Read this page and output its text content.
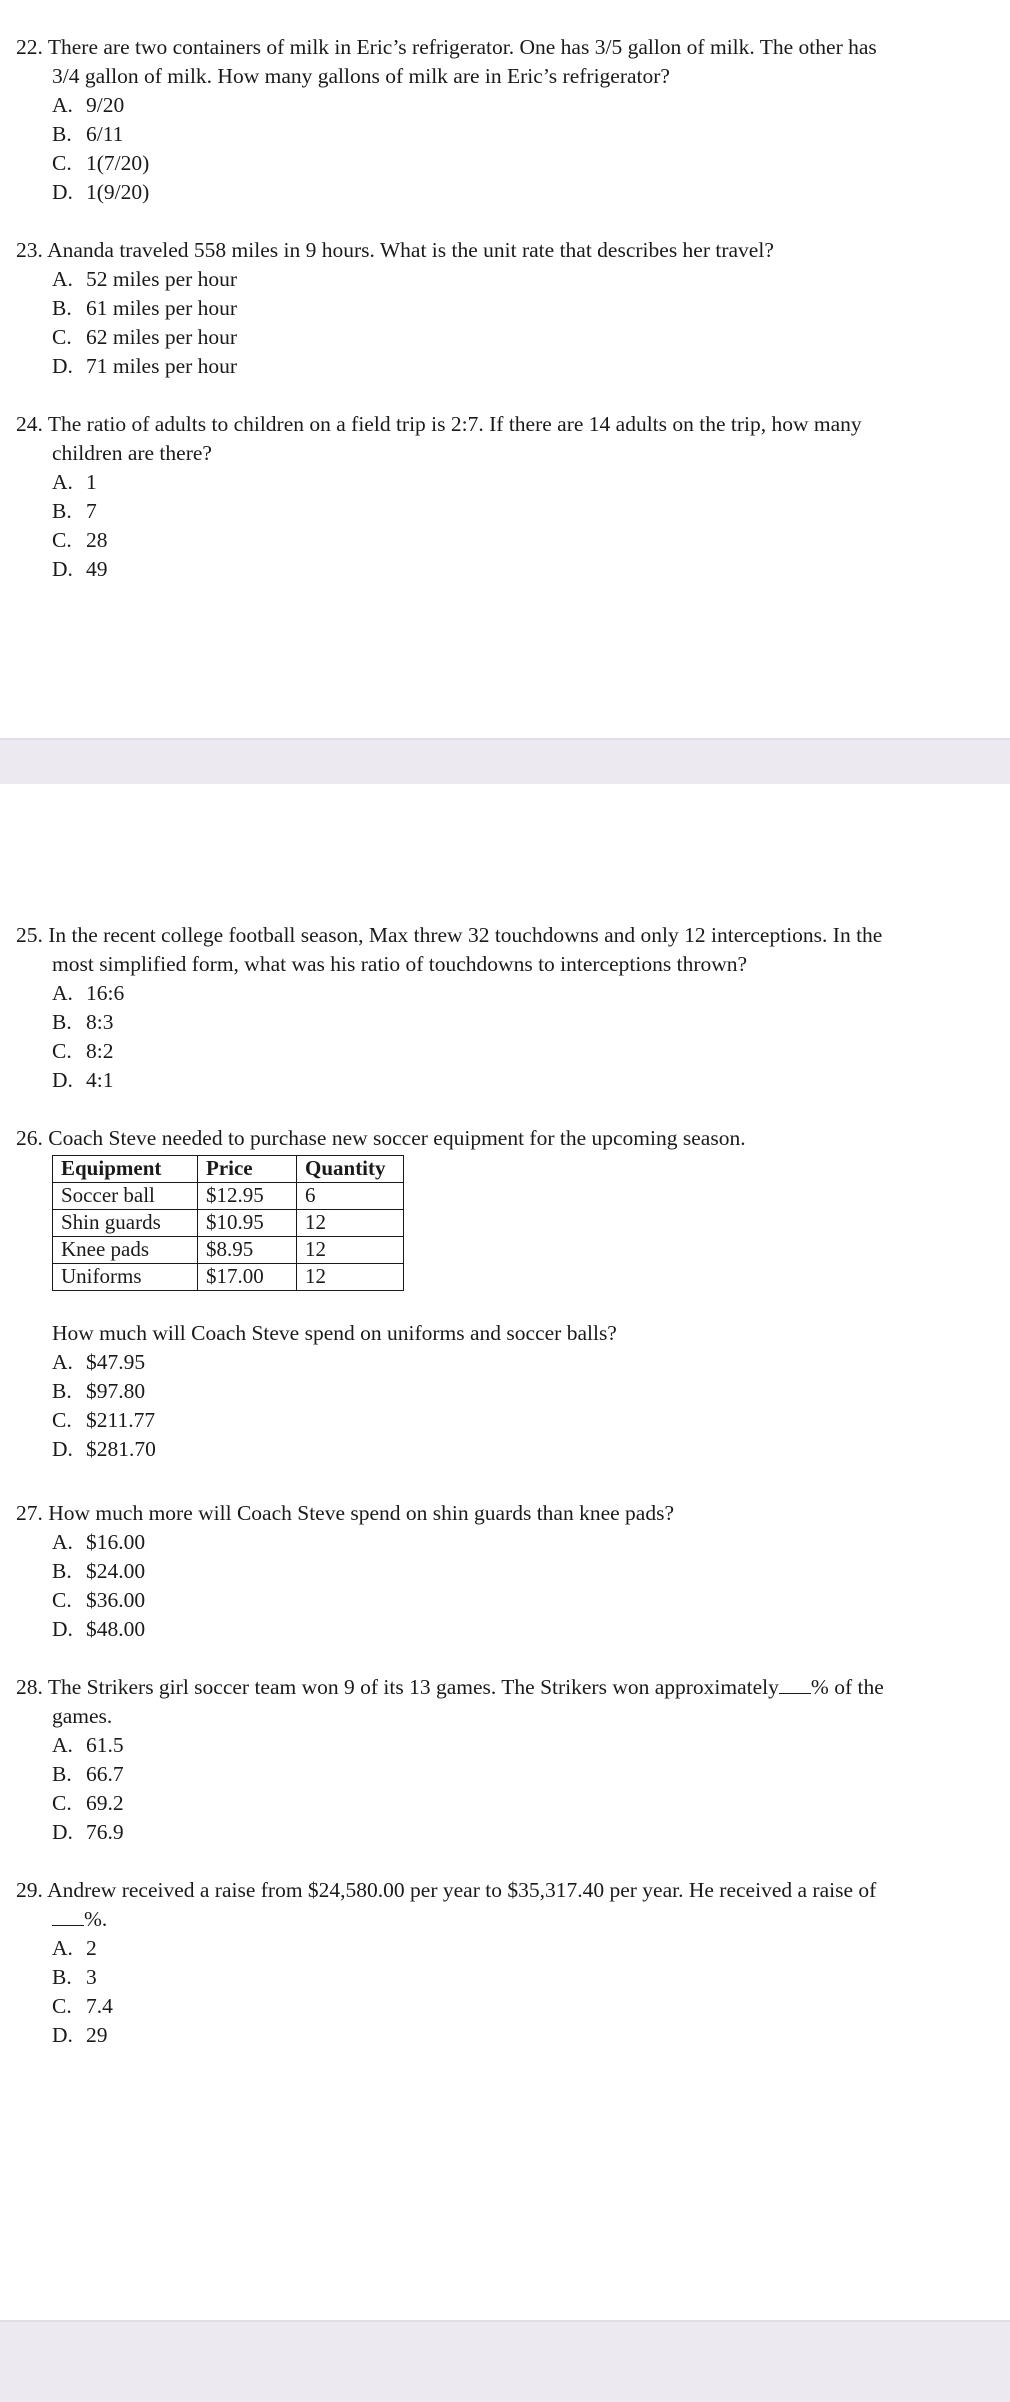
22. There are two containers of milk in Eric’s refrigerator. One has 3/5 gallon of milk. The other has 3/4 gallon of milk. How many gallons of milk are in Eric’s refrigerator?
A. 9/20
B. 6/11
C. 1(7/20)
D. 1(9/20)
23. Ananda traveled 558 miles in 9 hours. What is the unit rate that describes her travel?
A. 52 miles per hour
B. 61 miles per hour
C. 62 miles per hour
D. 71 miles per hour
24. The ratio of adults to children on a field trip is 2:7. If there are 14 adults on the trip, how many children are there?
A. 1
B. 7
C. 28
D. 49
25. In the recent college football season, Max threw 32 touchdowns and only 12 interceptions. In the most simplified form, what was his ratio of touchdowns to interceptions thrown?
A. 16:6
B. 8:3
C. 8:2
D. 4:1
26. Coach Steve needed to purchase new soccer equipment for the upcoming season.
Equipment	Price	Quantity
Soccer ball	$12.95	6
Shin guards	$10.95	12
Knee pads	$8.95	12
Uniforms	$17.00	12
How much will Coach Steve spend on uniforms and soccer balls?
A. $47.95
B. $97.80
C. $211.77
D. $281.70
27. How much more will Coach Steve spend on shin guards than knee pads?
A. $16.00
B. $24.00
C. $36.00
D. $48.00
28. The Strikers girl soccer team won 9 of its 13 games. The Strikers won approximately % of the games.
A. 61.5
B. 66.7
C. 69.2
D. 76.9
29. Andrew received a raise from $24,580.00 per year to $35,317.40 per year. He received a raise of%.
A. 2
B. 3
C. 7.4
D. 29
